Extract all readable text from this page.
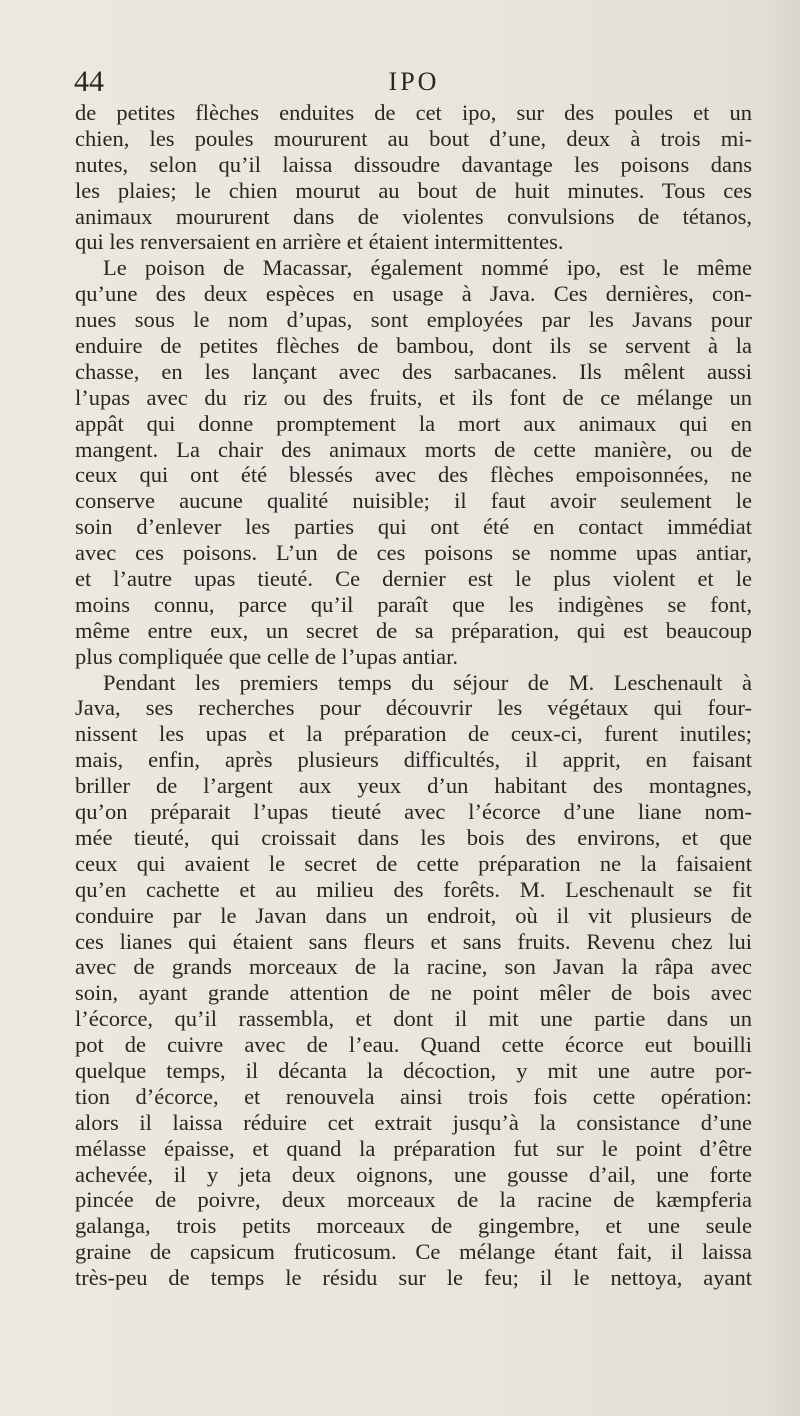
44	IPO
de petites flèches enduites de cet ipo, sur des poules et un
chien, les poules moururent au bout d’une, deux à trois mi-
nutes, selon qu’il laissa dissoudre davantage les poisons dans
les plaies; le chien mourut au bout de huit minutes. Tous ces
animaux moururent dans de violentes convulsions de tétanos,
qui les renversaient en arrière et étaient intermittentes.
Le poison de Macassar, également nommé ipo, est le même
qu’une des deux espèces en usage à Java. Ces dernières, con-
nues sous le nom d’upas, sont employées par les Javans pour
enduire de petites flèches de bambou, dont ils se servent à la
chasse, en les lançant avec des sarbacanes. Ils mêlent aussi
l’upas avec du riz ou des fruits, et ils font de ce mélange un
appât qui donne promptement la mort aux animaux qui en
mangent. La chair des animaux morts de cette manière, ou de
ceux qui ont été blessés avec des flèches empoisonnées, ne
conserve aucune qualité nuisible; il faut avoir seulement le
soin d’enlever les parties qui ont été en contact immédiat
avec ces poisons. L’un de ces poisons se nomme upas antiar,
et l’autre upas tieuté. Ce dernier est le plus violent et le
moins connu, parce qu’il paraît que les indigènes se font,
même entre eux, un secret de sa préparation, qui est beaucoup
plus compliquée que celle de l’upas antiar.
Pendant les premiers temps du séjour de M. Leschenault à
Java, ses recherches pour découvrir les végétaux qui four-
nissent les upas et la préparation de ceux-ci, furent inutiles;
mais, enfin, après plusieurs difficultés, il apprit, en faisant
briller de l’argent aux yeux d’un habitant des montagnes,
qu’on préparait l’upas tieuté avec l’écorce d’une liane nom-
mée tieuté, qui croissait dans les bois des environs, et que
ceux qui avaient le secret de cette préparation ne la faisaient
qu’en cachette et au milieu des forêts. M. Leschenault se fit
conduire par le Javan dans un endroit, où il vit plusieurs de
ces lianes qui étaient sans fleurs et sans fruits. Revenu chez lui
avec de grands morceaux de la racine, son Javan la râpa avec
soin, ayant grande attention de ne point mêler de bois avec
l’écorce, qu’il rassembla, et dont il mit une partie dans un
pot de cuivre avec de l’eau. Quand cette écorce eut bouilli
quelque temps, il décanta la décoction, y mit une autre por-
tion d’écorce, et renouvela ainsi trois fois cette opération:
alors il laissa réduire cet extrait jusqu’à la consistance d’une
mélasse épaisse, et quand la préparation fut sur le point d’être
achevée, il y jeta deux oignons, une gousse d’ail, une forte
pincée de poivre, deux morceaux de la racine de kæmpferia
galanga, trois petits morceaux de gingembre, et une seule
graine de capsicum fruticosum. Ce mélange étant fait, il laissa
très-peu de temps le résidu sur le feu; il le nettoya, ayant
